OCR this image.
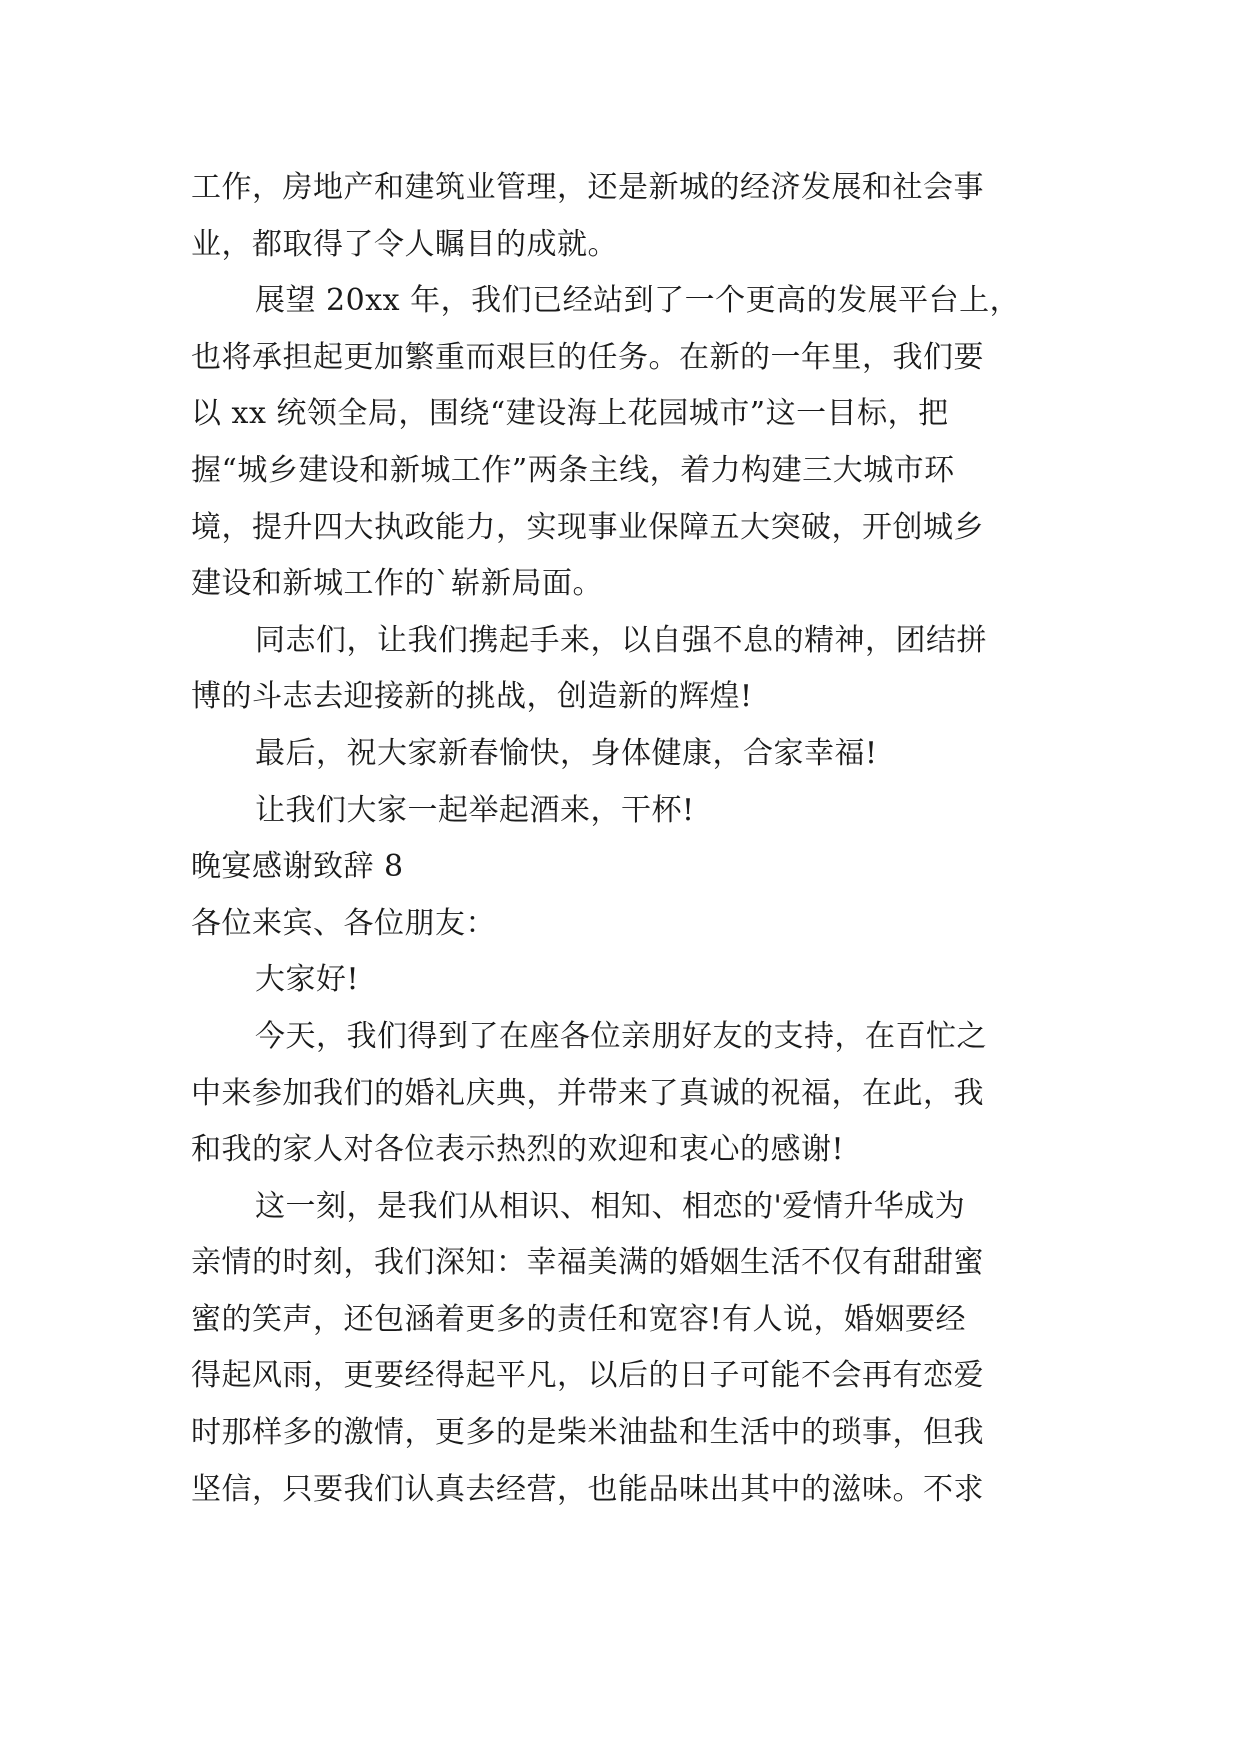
工作，房地产和建筑业管理，还是新城的经济发展和社会事
业，都取得了令人瞩目的成就。
展望 20xx 年，我们已经站到了一个更高的发展平台上，
也将承担起更加繁重而艰巨的任务。在新的一年里，我们要
以 xx 统领全局，围绕“建设海上花园城市”这一目标，把
握“城乡建设和新城工作”两条主线，着力构建三大城市环
境，提升四大执政能力，实现事业保障五大突破，开创城乡
建设和新城工作的`崭新局面。
同志们，让我们携起手来，以自强不息的精神，团结拼
博的斗志去迎接新的挑战，创造新的辉煌!
最后，祝大家新春愉快，身体健康，合家幸福!
让我们大家一起举起酒来，干杯!
晚宴感谢致辞 8
各位来宾、各位朋友：
大家好!
今天，我们得到了在座各位亲朋好友的支持，在百忙之
中来参加我们的婚礼庆典，并带来了真诚的祝福，在此，我
和我的家人对各位表示热烈的欢迎和衷心的感谢!
这一刻，是我们从相识、相知、相恋的'爱情升华成为
亲情的时刻，我们深知：幸福美满的婚姻生活不仅有甜甜蜜
蜜的笑声，还包涵着更多的责任和宽容!有人说，婚姻要经
得起风雨，更要经得起平凡，以后的日子可能不会再有恋爱
时那样多的激情，更多的是柴米油盐和生活中的琐事，但我
坚信，只要我们认真去经营，也能品味出其中的滋味。不求
